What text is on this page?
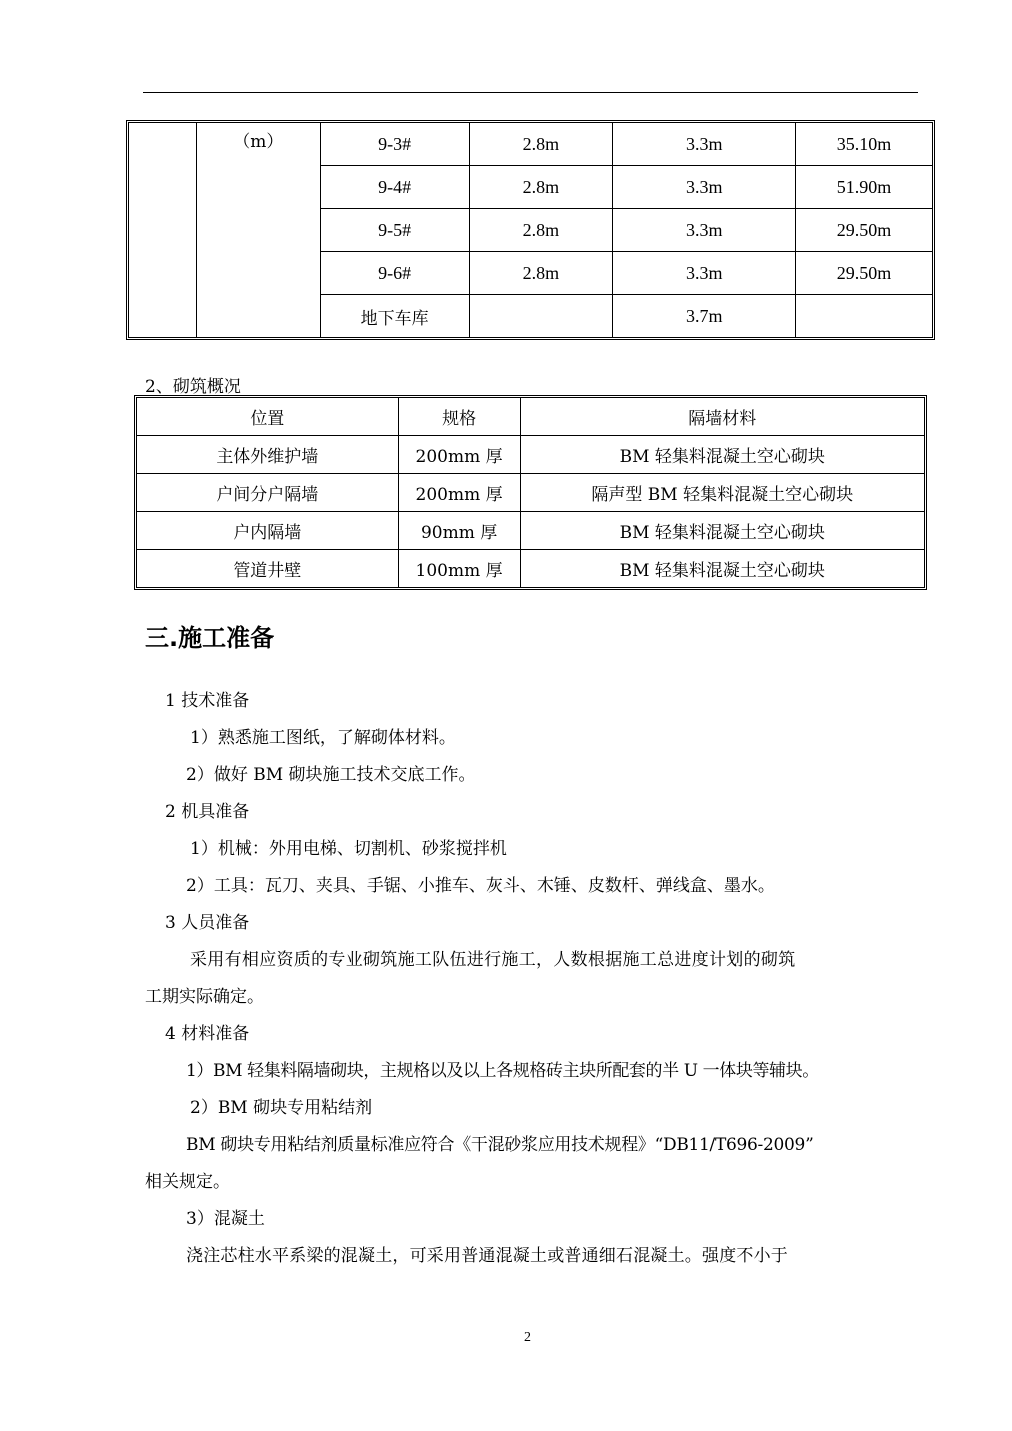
	（m）	9-3#	2.8m	3.3m	35.10m
		9-4#	2.8m	3.3m	51.90m
		9-5#	2.8m	3.3m	29.50m
		9-6#	2.8m	3.3m	29.50m
		地下车库		3.7m	
2、砌筑概况
位置	规格	隔墙材料
主体外维护墙	200mm 厚	BM 轻集料混凝土空心砌块
户间分户隔墙	200mm 厚	隔声型 BM 轻集料混凝土空心砌块
户内隔墙	90mm 厚	BM 轻集料混凝土空心砌块
管道井壁	100mm 厚	BM 轻集料混凝土空心砌块
三.施工准备
1 技术准备
1）熟悉施工图纸，了解砌体材料。
2）做好 BM 砌块施工技术交底工作。
2 机具准备
1）机械：外用电梯、切割机、砂浆搅拌机
2）工具：瓦刀、夹具、手锯、小推车、灰斗、木锤、皮数杆、弹线盒、墨水。
3 人员准备
采用有相应资质的专业砌筑施工队伍进行施工，人数根据施工总进度计划的砌筑
工期实际确定。
4 材料准备
1）BM 轻集料隔墙砌块，主规格以及以上各规格砖主块所配套的半 U 一体块等辅块。
2）BM 砌块专用粘结剂
BM 砌块专用粘结剂质量标准应符合《干混砂浆应用技术规程》“DB11/T696-2009”
相关规定。
3）混凝土
浇注芯柱水平系梁的混凝土，可采用普通混凝土或普通细石混凝土。强度不小于
2
